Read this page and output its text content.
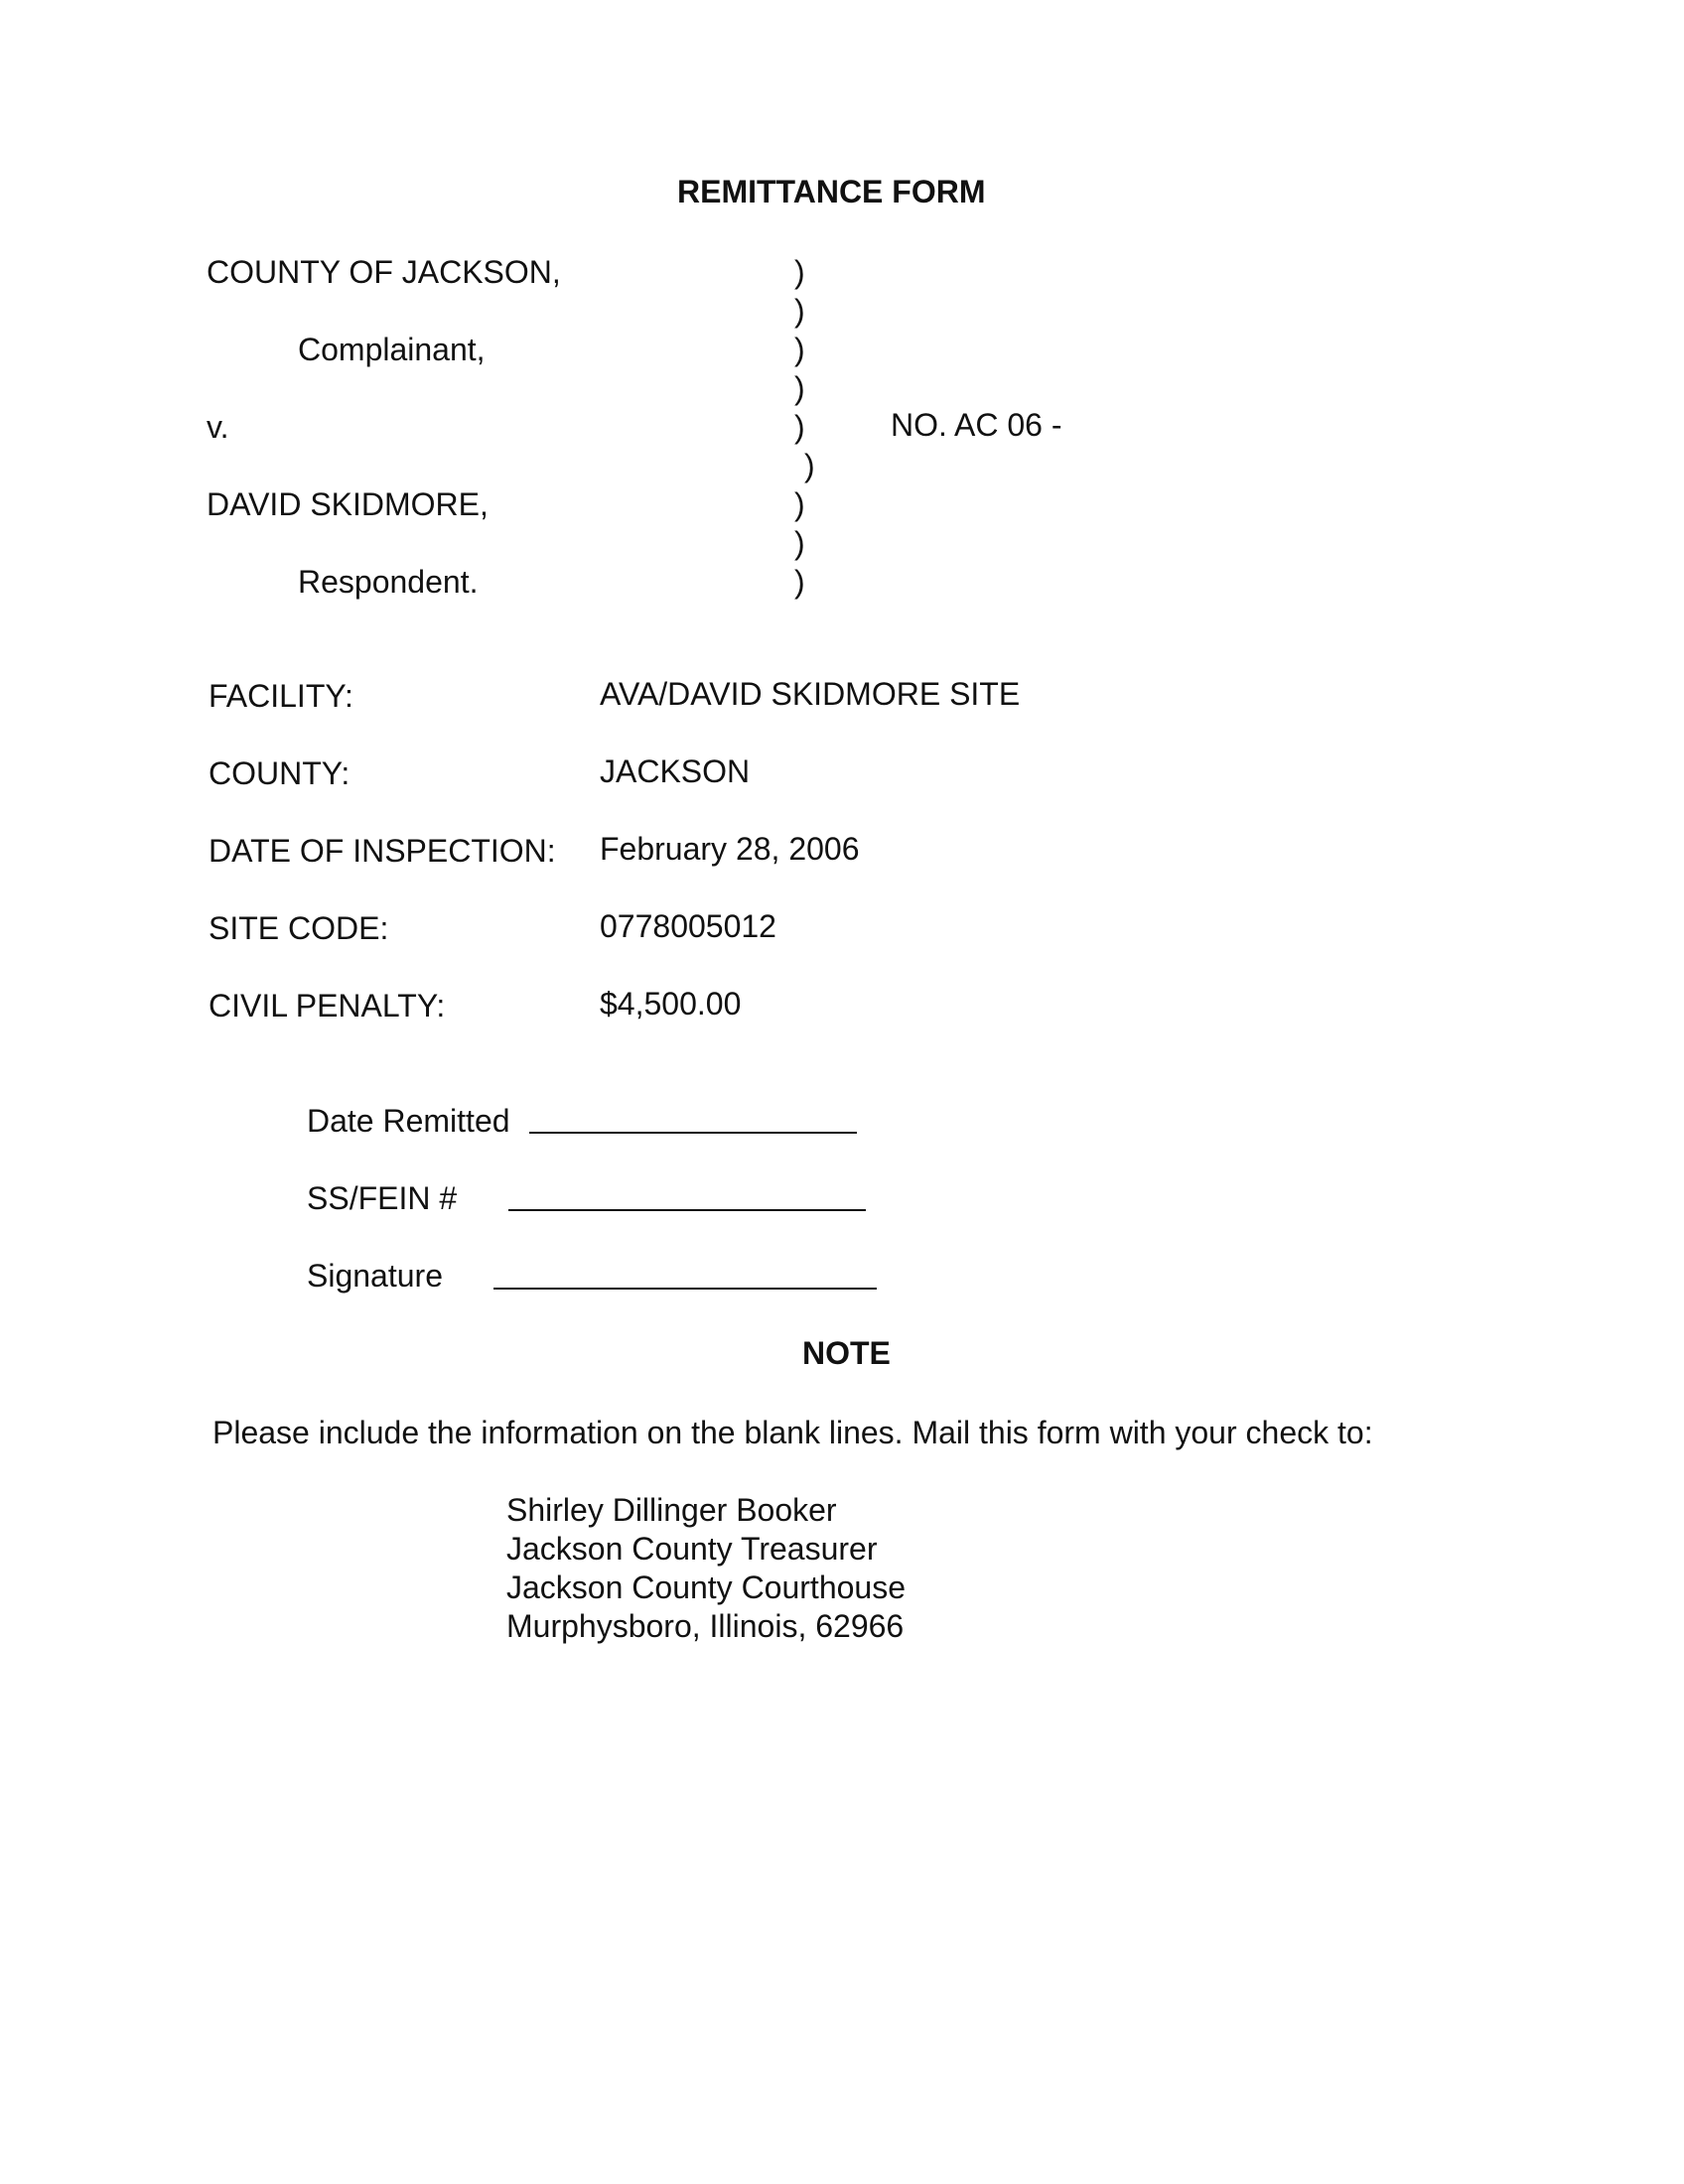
REMITTANCE FORM
COUNTY OF JACKSON,
Complainant,
v.
DAVID SKIDMORE,
Respondent.
NO. AC 06 -
)
)
)
)
)
)
)
)
)
FACILITY:	AVA/DAVID SKIDMORE SITE
COUNTY:	JACKSON
DATE OF INSPECTION: February 28, 2006
SITE CODE:	0778005012
CIVIL PENALTY:	$4,500.00
Date Remitted
SS/FEIN #
Signature
NOTE
Please include the information on the blank lines. Mail this form with your check to:
Shirley Dillinger Booker
Jackson County Treasurer
Jackson County Courthouse
Murphysboro, Illinois, 62966
